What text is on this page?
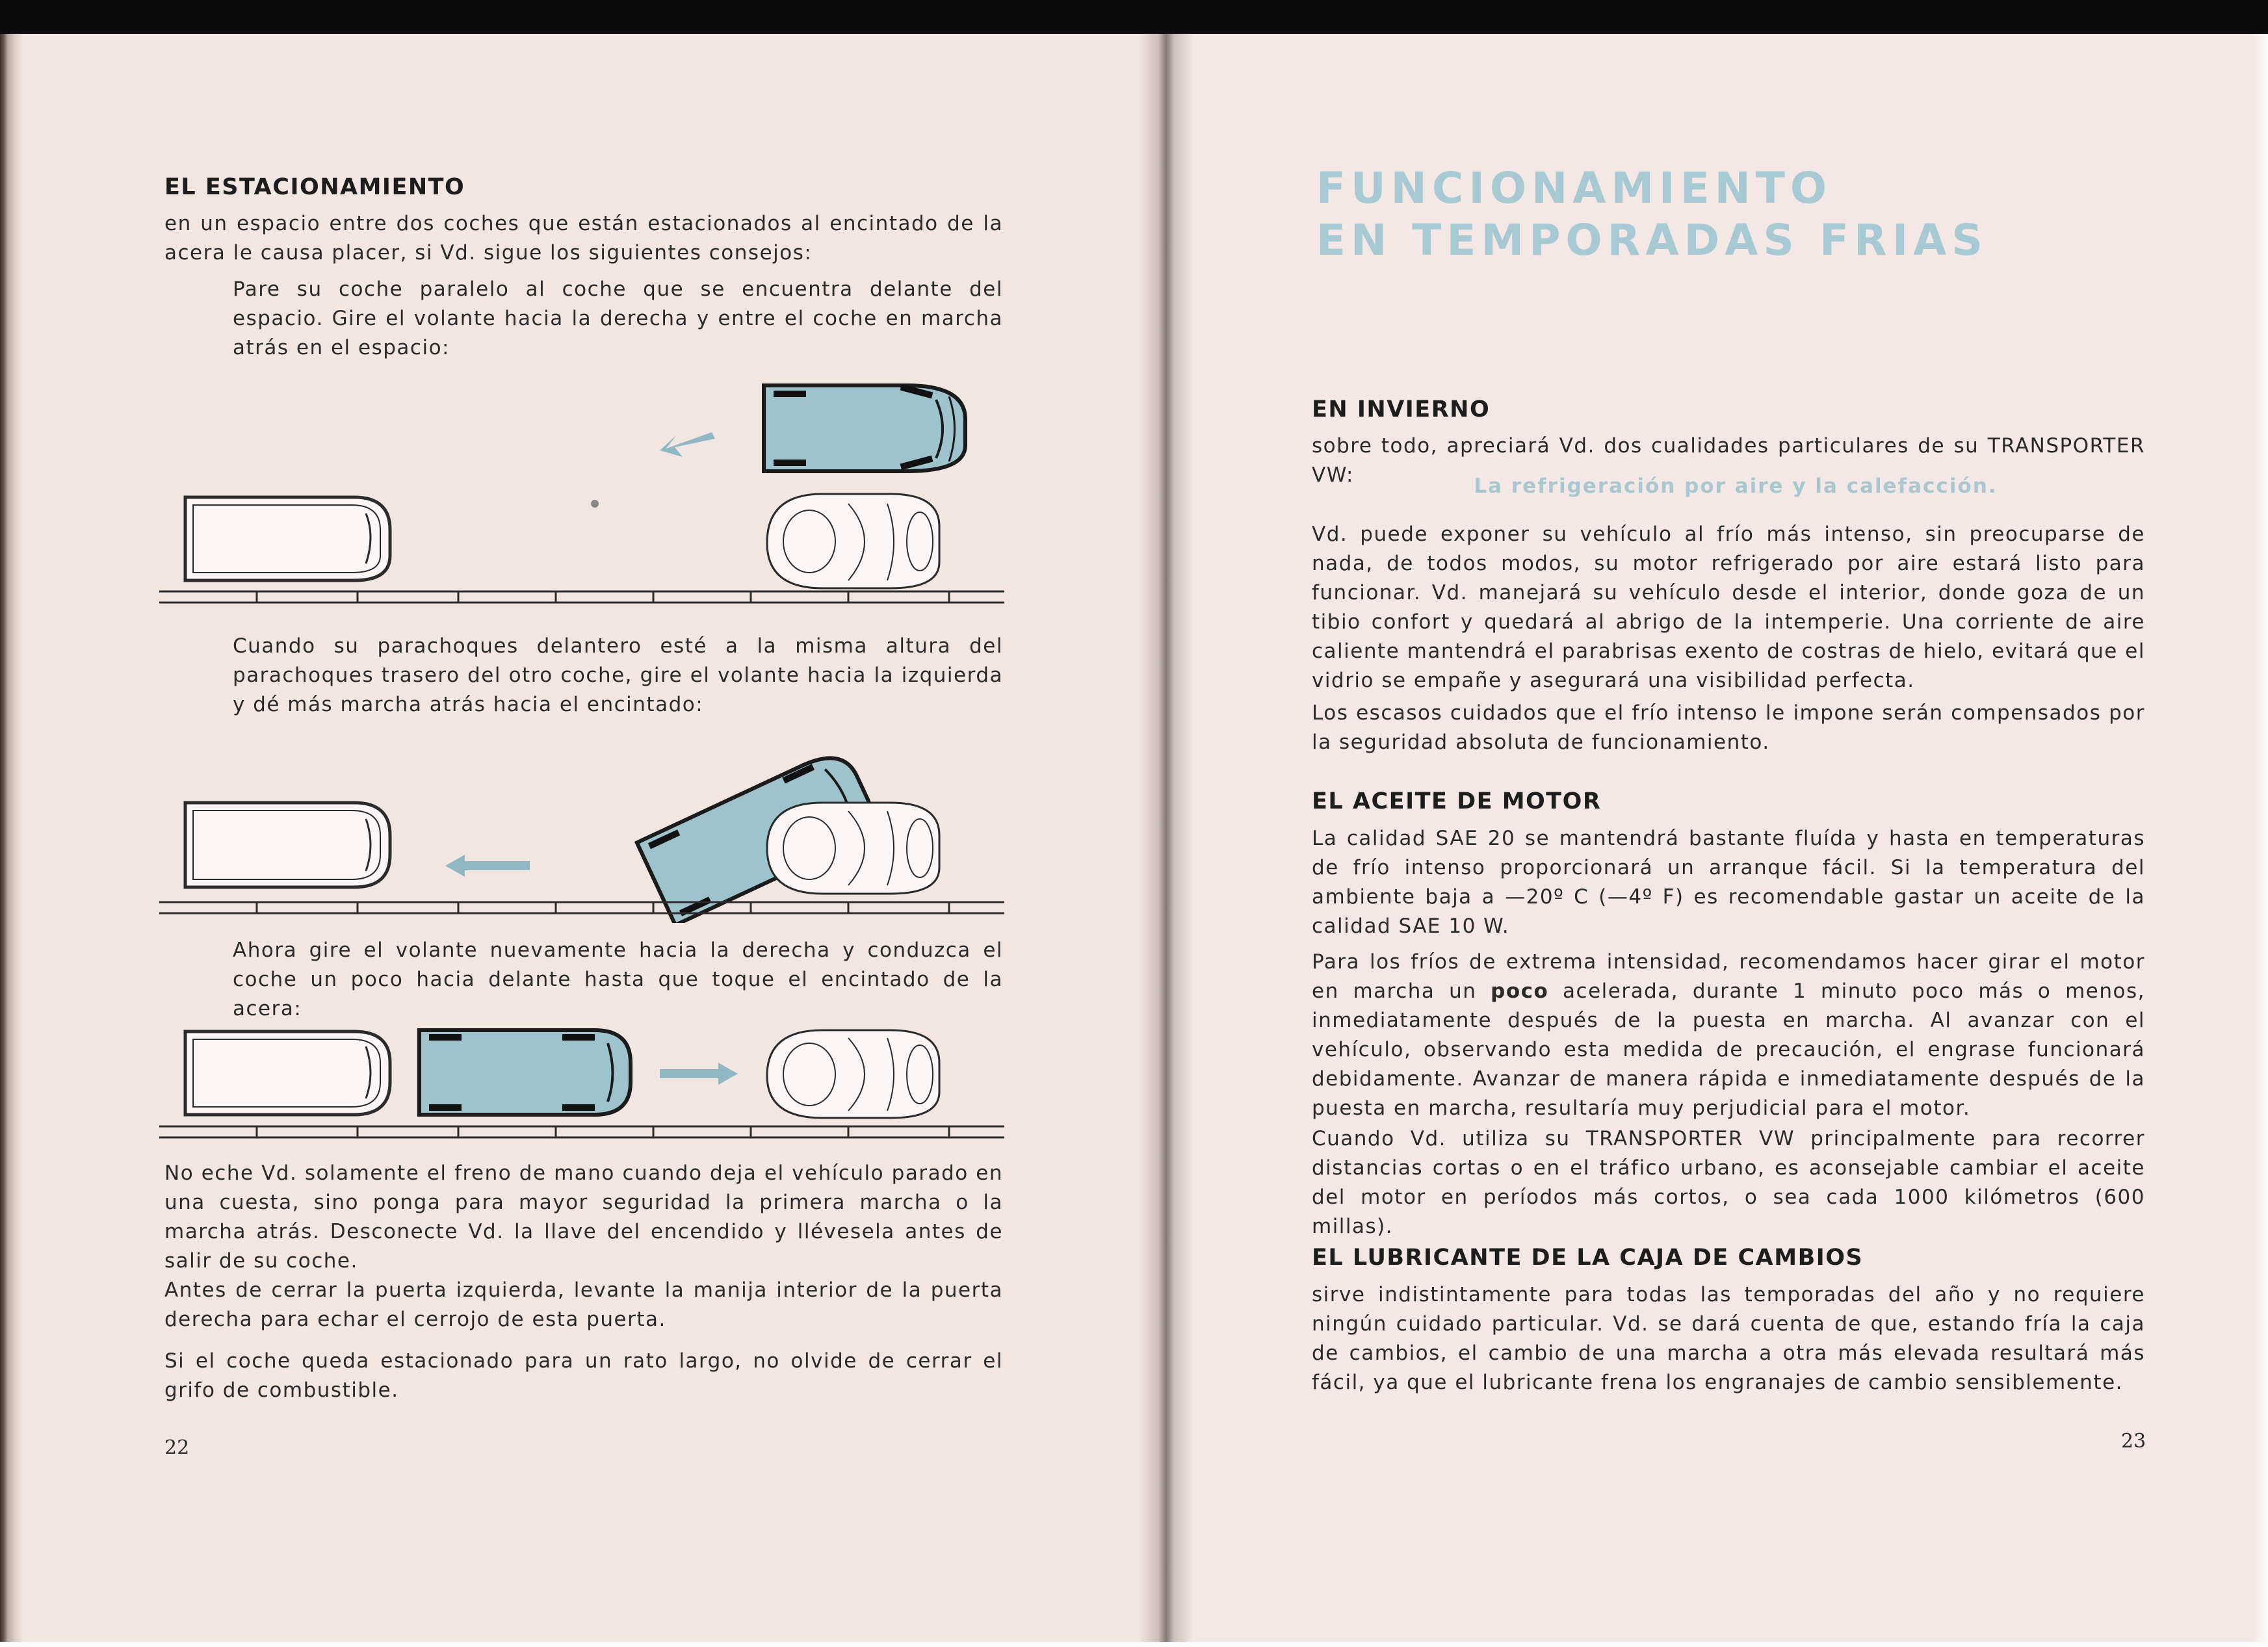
EL ESTACIONAMIENTO
en un espacio entre dos coches que están estacionados al encintado de la acera le causa placer, si Vd. sigue los siguientes consejos:
Pare su coche paralelo al coche que se encuentra delante del espacio. Gire el volante hacia la derecha y entre el coche en marcha atrás en el espacio:
Cuando su parachoques delantero esté a la misma altura del parachoques trasero del otro coche, gire el volante hacia la izquierda y dé más marcha atrás hacia el encintado:
Ahora gire el volante nuevamente hacia la derecha y conduzca el coche un poco hacia delante hasta que toque el encintado de la acera:
No eche Vd. solamente el freno de mano cuando deja el vehículo parado en una cuesta, sino ponga para mayor seguridad la primera marcha o la marcha atrás. Desconecte Vd. la llave del encendido y llévesela antes de salir de su coche.
Antes de cerrar la puerta izquierda, levante la manija interior de la puerta derecha para echar el cerrojo de esta puerta.
Si el coche queda estacionado para un rato largo, no olvide de cerrar el grifo de combustible.
22
FUNCIONAMIENTO
EN TEMPORADAS FRIAS
EN INVIERNO
sobre todo, apreciará Vd. dos cualidades particulares de su TRANSPORTER VW:	La refrigeración por aire y la calefacción.
Vd. puede exponer su vehículo al frío más intenso, sin preocuparse de nada, de todos modos, su motor refrigerado por aire estará listo para funcionar. Vd. manejará su vehículo desde el interior, donde goza de un tibio confort y quedará al abrigo de la intemperie. Una corriente de aire caliente mantendrá el parabrisas exento de costras de hielo, evitará que el vidrio se empañe y asegurará una visibilidad perfecta.
Los escasos cuidados que el frío intenso le impone serán compensados por la seguridad absoluta de funcionamiento.
EL ACEITE DE MOTOR
La calidad SAE 20 se mantendrá bastante fluída y hasta en temperaturas de frío intenso proporcionará un arranque fácil. Si la temperatura del ambiente baja a —20º C (—4º F) es recomendable gastar un aceite de la calidad SAE 10 W.
Para los fríos de extrema intensidad, recomendamos hacer girar el motor en marcha un poco acelerada, durante 1 minuto poco más o menos, inmediatamente después de la puesta en marcha. Al avanzar con el vehículo, observando esta medida de precaución, el engrase funcionará debidamente. Avanzar de manera rápida e inmediatamente después de la puesta en marcha, resultaría muy perjudicial para el motor.
Cuando Vd. utiliza su TRANSPORTER VW principalmente para recorrer distancias cortas o en el tráfico urbano, es aconsejable cambiar el aceite del motor en períodos más cortos, o sea cada 1000 kilómetros (600 millas).
EL LUBRICANTE DE LA CAJA DE CAMBIOS
sirve indistintamente para todas las temporadas del año y no requiere ningún cuidado particular. Vd. se dará cuenta de que, estando fría la caja de cambios, el cambio de una marcha a otra más elevada resultará más fácil, ya que el lubricante frena los engranajes de cambio sensiblemente.
23
